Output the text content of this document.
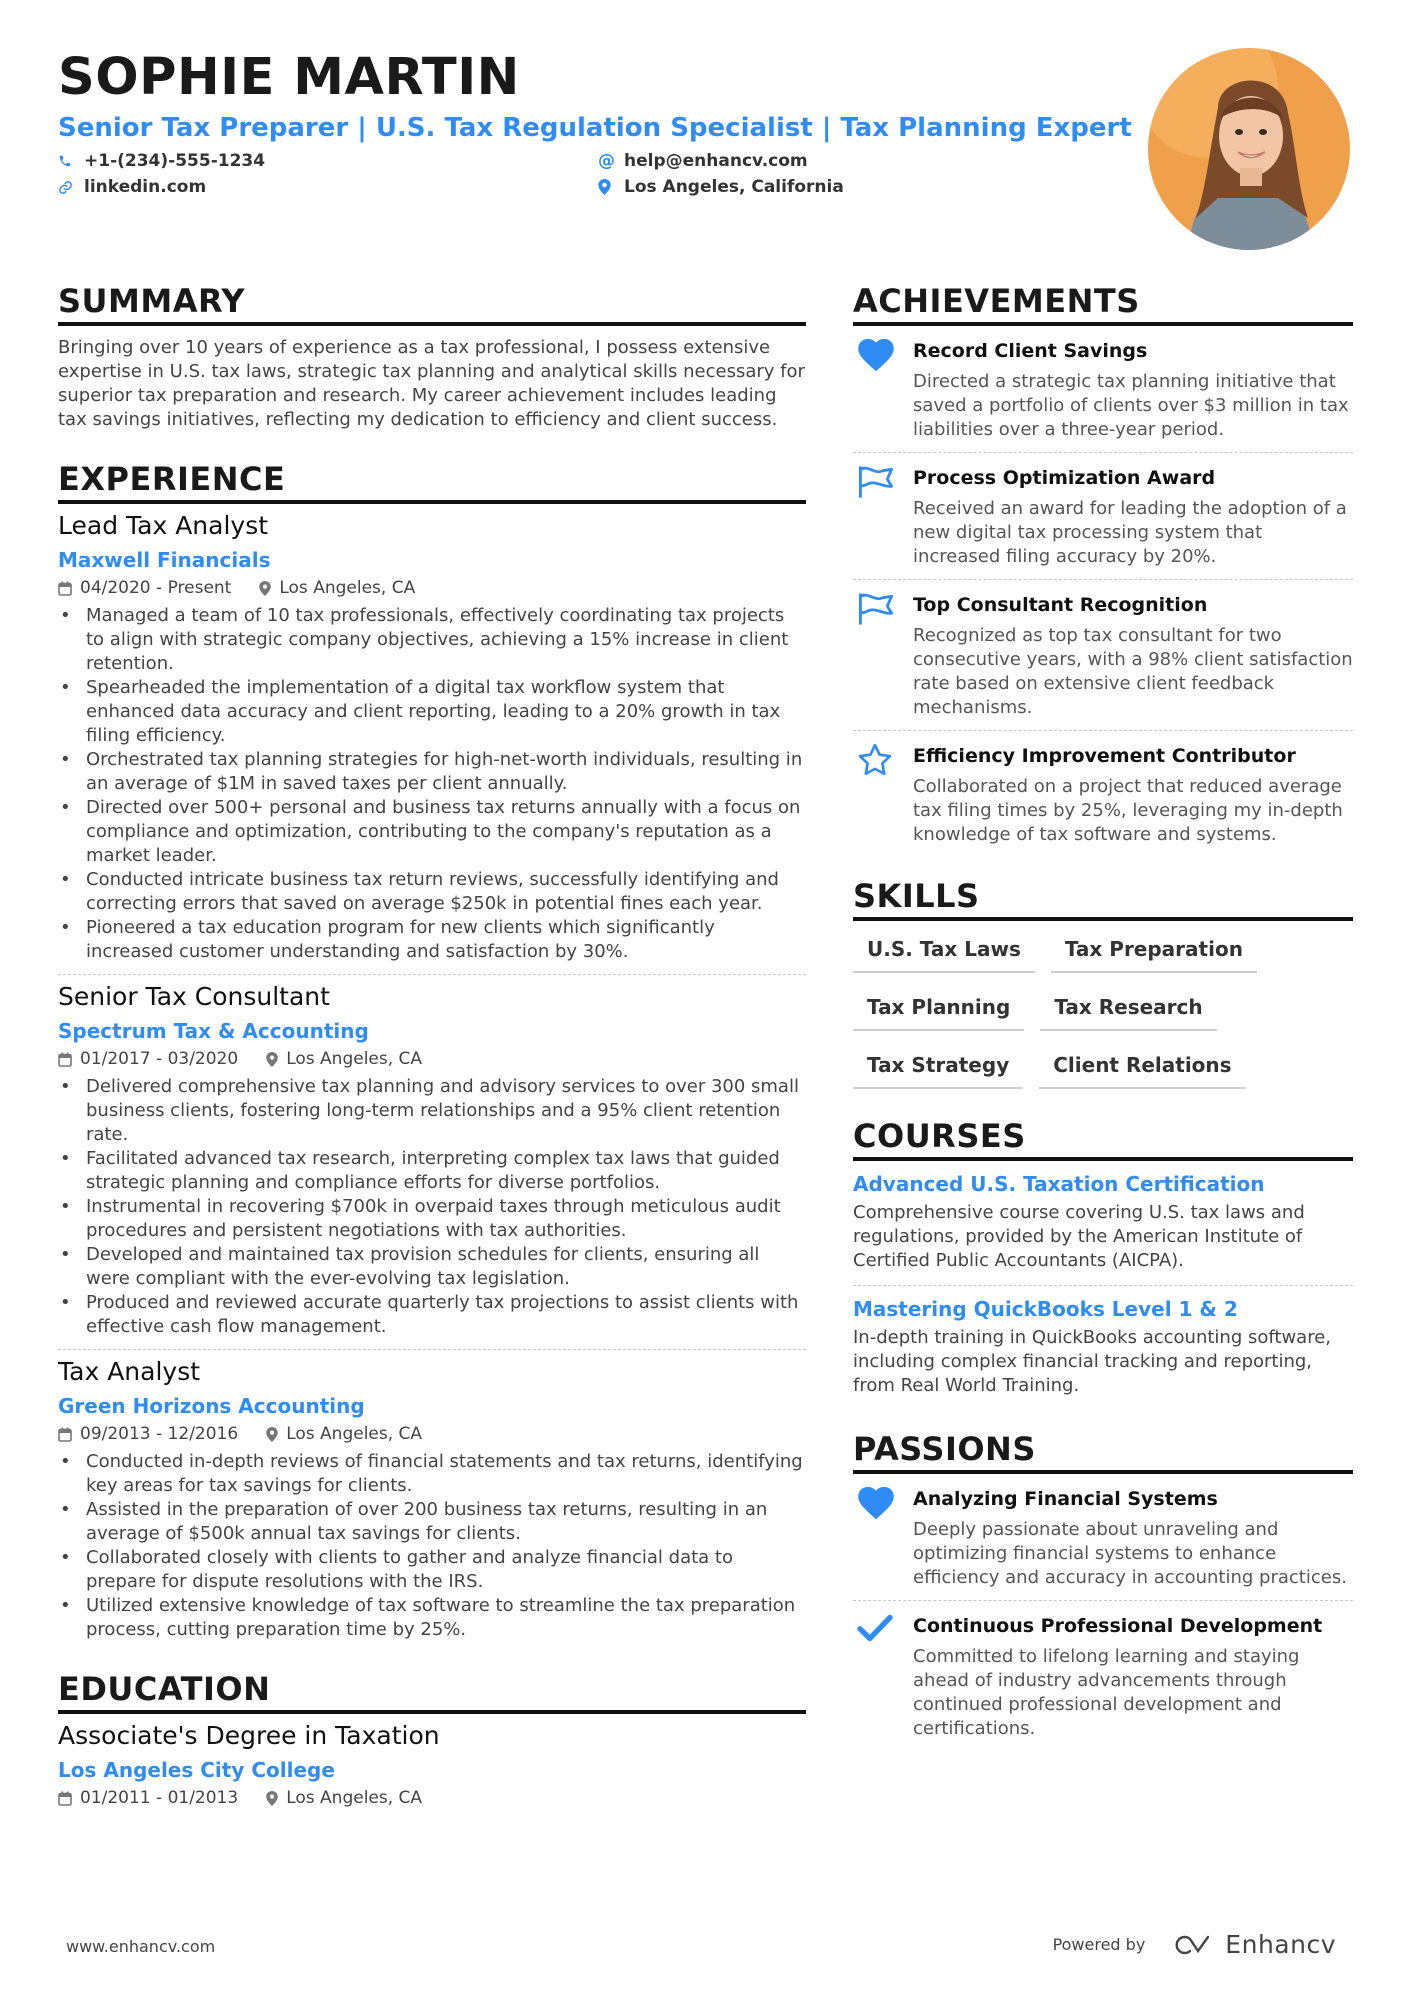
SOPHIE MARTIN
Senior Tax Preparer | U.S. Tax Regulation Specialist | Tax Planning Expert
+1-(234)-555-1234	@ help@enhancv.com
linkedin.com	Los Angeles, California
SUMMARY
Bringing over 10 years of experience as a tax professional, I possess extensive expertise in U.S. tax laws, strategic tax planning and analytical skills necessary for superior tax preparation and research. My career achievement includes leading tax savings initiatives, reflecting my dedication to efficiency and client success.
EXPERIENCE
Lead Tax Analyst
Maxwell Financials
04/2020 - Present	Los Angeles, CA
• Managed a team of 10 tax professionals, effectively coordinating tax projects to align with strategic company objectives, achieving a 15% increase in client retention.
• Spearheaded the implementation of a digital tax workflow system that enhanced data accuracy and client reporting, leading to a 20% growth in tax filing efficiency.
• Orchestrated tax planning strategies for high-net-worth individuals, resulting in an average of $1M in saved taxes per client annually.
• Directed over 500+ personal and business tax returns annually with a focus on compliance and optimization, contributing to the company's reputation as a market leader.
• Conducted intricate business tax return reviews, successfully identifying and correcting errors that saved on average $250k in potential fines each year.
• Pioneered a tax education program for new clients which significantly increased customer understanding and satisfaction by 30%.
Senior Tax Consultant
Spectrum Tax & Accounting
01/2017 - 03/2020	Los Angeles, CA
• Delivered comprehensive tax planning and advisory services to over 300 small business clients, fostering long-term relationships and a 95% client retention rate.
• Facilitated advanced tax research, interpreting complex tax laws that guided strategic planning and compliance efforts for diverse portfolios.
• Instrumental in recovering $700k in overpaid taxes through meticulous audit procedures and persistent negotiations with tax authorities.
• Developed and maintained tax provision schedules for clients, ensuring all were compliant with the ever-evolving tax legislation.
• Produced and reviewed accurate quarterly tax projections to assist clients with effective cash flow management.
Tax Analyst
Green Horizons Accounting
09/2013 - 12/2016	Los Angeles, CA
• Conducted in-depth reviews of financial statements and tax returns, identifying key areas for tax savings for clients.
• Assisted in the preparation of over 200 business tax returns, resulting in an average of $500k annual tax savings for clients.
• Collaborated closely with clients to gather and analyze financial data to prepare for dispute resolutions with the IRS.
• Utilized extensive knowledge of tax software to streamline the tax preparation process, cutting preparation time by 25%.
EDUCATION
Associate's Degree in Taxation
Los Angeles City College
01/2011 - 01/2013	Los Angeles, CA
ACHIEVEMENTS
Record Client Savings
Directed a strategic tax planning initiative that saved a portfolio of clients over $3 million in tax liabilities over a three-year period.
Process Optimization Award
Received an award for leading the adoption of a new digital tax processing system that increased filing accuracy by 20%.
Top Consultant Recognition
Recognized as top tax consultant for two consecutive years, with a 98% client satisfaction rate based on extensive client feedback mechanisms.
Efficiency Improvement Contributor
Collaborated on a project that reduced average tax filing times by 25%, leveraging my in-depth knowledge of tax software and systems.
SKILLS
U.S. Tax Laws	Tax Preparation
Tax Planning	Tax Research
Tax Strategy	Client Relations
COURSES
Advanced U.S. Taxation Certification
Comprehensive course covering U.S. tax laws and regulations, provided by the American Institute of Certified Public Accountants (AICPA).
Mastering QuickBooks Level 1 & 2
In-depth training in QuickBooks accounting software, including complex financial tracking and reporting, from Real World Training.
PASSIONS
Analyzing Financial Systems
Deeply passionate about unraveling and optimizing financial systems to enhance efficiency and accuracy in accounting practices.
Continuous Professional Development
Committed to lifelong learning and staying ahead of industry advancements through continued professional development and certifications.
www.enhancv.com	Powered by	Enhancv
